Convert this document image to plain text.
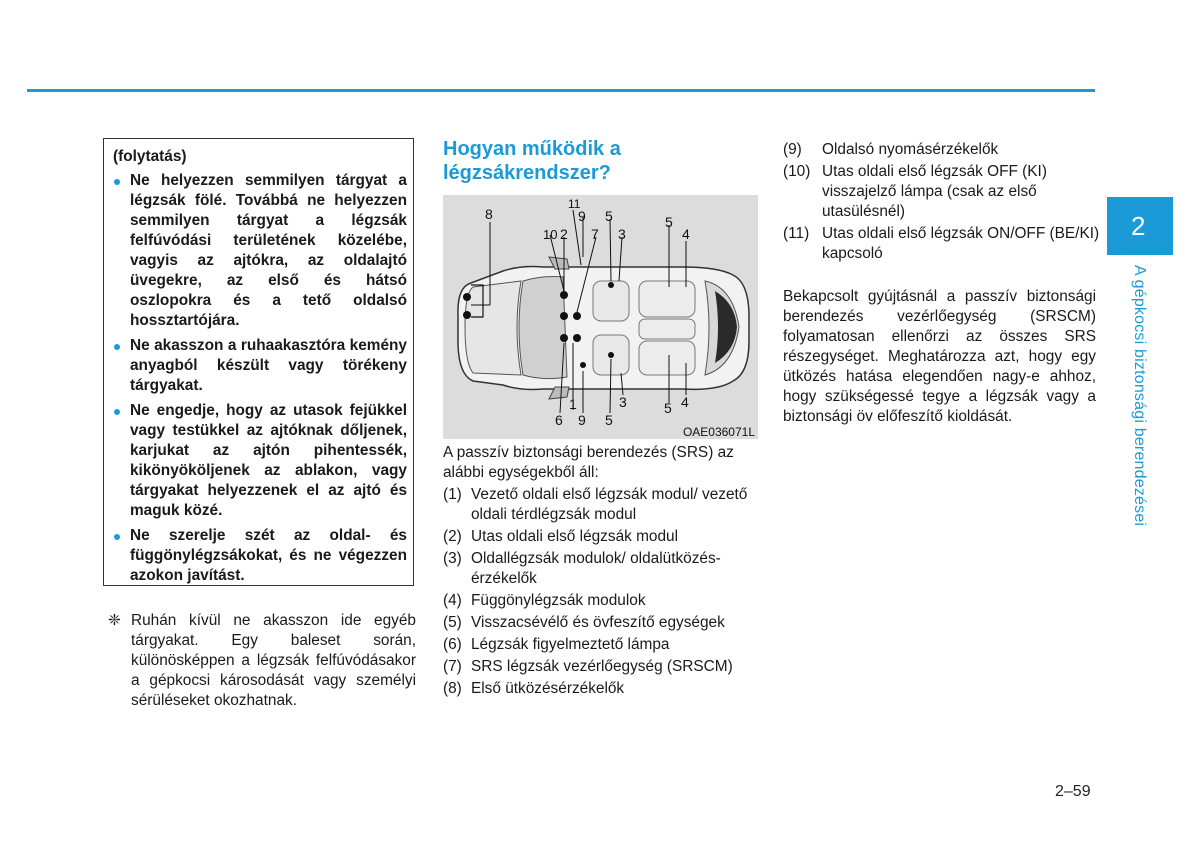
(folytatás)
Ne helyezzen semmilyen tárgyat a légzsák fölé. Továbbá ne helyezzen semmilyen tárgyat a légzsák felfúvódási területének közelébe, vagyis az ajtókra, az oldalajtó üvegekre, az első és hátsó oszlopokra és a tető oldalsó hossztartójára.
Ne akasszon a ruhaakasztóra kemény anyagból készült vagy törékeny tárgyakat.
Ne engedje, hogy az utasok fejükkel vagy testükkel az ajtóknak dőljenek, karjukat az ajtón pihentessék, kikönyököljenek az ablakon, vagy tárgyakat helyezzenek el az ajtó és maguk közé.
Ne szerelje szét az oldal- és függönylégzsákokat, és ne végezzen azokon javítást.
❈ Ruhán kívül ne akasszon ide egyéb tárgyakat. Egy baleset során, különösképpen a légzsák felfúvódásakor a gépkocsi károsodását vagy személyi sérüléseket okozhatnak.
Hogyan működik a légzsákrendszer?
8
11
9 5
10 2 7 3
5
4
1
6 9 5
3	5 4
OAE036071L
A passzív biztonsági berendezés (SRS) az alábbi egységekből áll:
(1) Vezető oldali első légzsák modul/ vezető oldali térdlégzsák modul
(2) Utas oldali első légzsák modul
(3) Oldallégzsák modulok/ oldalütközés-érzékelők
(4) Függönylégzsák modulok
(5) Visszacsévélő és övfeszítő egységek
(6) Légzsák figyelmeztető lámpa
(7) SRS légzsák vezérlőegység (SRSCM)
(8) Első ütközésérzékelők
(9)	Oldalsó nyomásérzékelők
(10) Utas oldali első légzsák OFF (KI) visszajelző lámpa (csak az első utasülésnél)
(11) Utas oldali első légzsák ON/OFF (BE/KI) kapcsoló
Bekapcsolt gyújtásnál a passzív biztonsági berendezés vezérlőegység (SRSCM) folyamatosan ellenőrzi az összes SRS részegységet. Meghatározza azt, hogy egy ütközés hatása elegendően nagy-e ahhoz, hogy szükségessé tegye a légzsák vagy a biztonsági öv előfeszítő kioldását.
2
A gépkocsi biztonsági berendezései
2–59
